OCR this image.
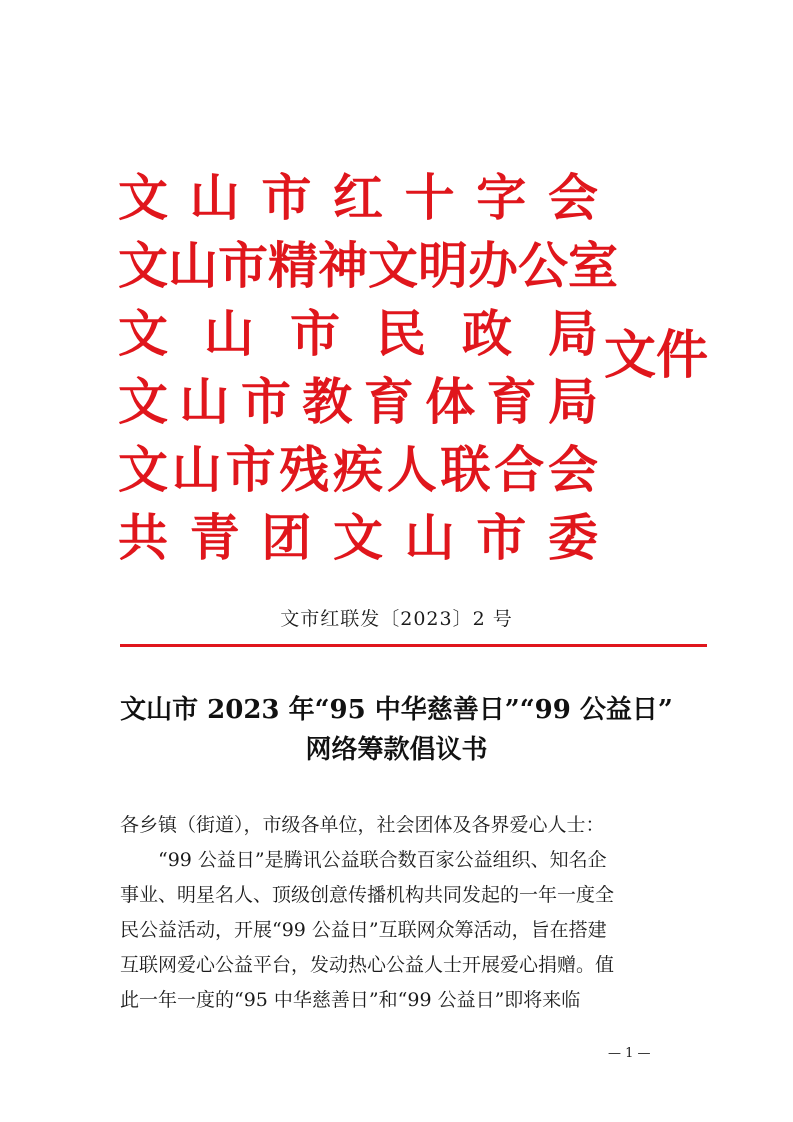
文 山 市 红 十 字 会
文 山 市 精 神 文 明 办 公 室
文 山 市 民 政 局
文 山 市 教 育 体 育 局
文 山 市 残 疾 人 联 合 会
共 青 团 文 山 市 委
文件
文市红联发〔2023〕2 号
文山市 2023 年“95 中华慈善日”“99 公益日”
网络筹款倡议书
各乡镇（街道），市级各单位，社会团体及各界爱心人士：
“99 公益日”是腾讯公益联合数百家公益组织、知名企
事业、明星名人、顶级创意传播机构共同发起的一年一度全
民公益活动，开展“99 公益日”互联网众筹活动，旨在搭建
互联网爱心公益平台，发动热心公益人士开展爱心捐赠。值
此一年一度的“95 中华慈善日”和“99 公益日”即将来临
— 1 —
